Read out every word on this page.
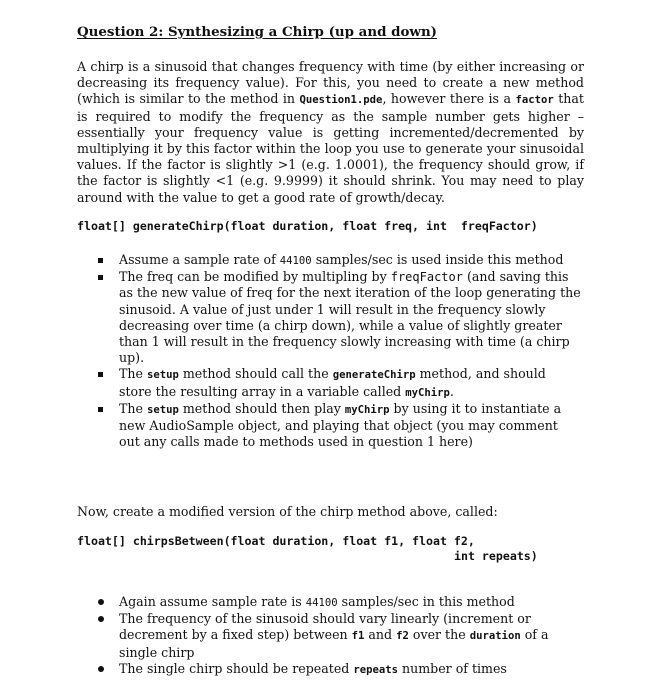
Question 2: Synthesizing a Chirp (up and down)

A chirp is a sinusoid that changes frequency with time (by either increasing or decreasing its frequency value). For this, you need to create a new method (which is similar to the method in Question1.pde, however there is a factor that is required to modify the frequency as the sample number gets higher – essentially your frequency value is getting incremented/decremented by multiplying it by this factor within the loop you use to generate your sinusoidal values. If the factor is slightly >1 (e.g. 1.0001), the frequency should grow, if the factor is slightly <1 (e.g. 9.9999) it should shrink. You may need to play around with the value to get a good rate of growth/decay.

float[] generateChirp(float duration, float freq, int  freqFactor)
Assume a sample rate of 44100 samples/sec is used inside this method
The freq can be modified by multipling by freqFactor (and saving this as the new value of freq for the next iteration of the loop generating the sinusoid. A value of just under 1 will result in the frequency slowly decreasing over time (a chirp down), while a value of slightly greater than 1 will result in the frequency slowly increasing with time (a chirp up).
The setup method should call the generateChirp method, and should store the resulting array in a variable called myChirp.
The setup method should then play myChirp by using it to instantiate a new AudioSample object, and playing that object (you may comment out any calls made to methods used in question 1 here)

Now, create a modified version of the chirp method above, called:

float[] chirpsBetween(float duration, float f1, float f2,
int repeats)
Again assume sample rate is 44100 samples/sec in this method
The frequency of the sinusoid should vary linearly (increment or decrement by a fixed step) between f1 and f2 over the duration of a single chirp
The single chirp should be repeated repeats number of times
